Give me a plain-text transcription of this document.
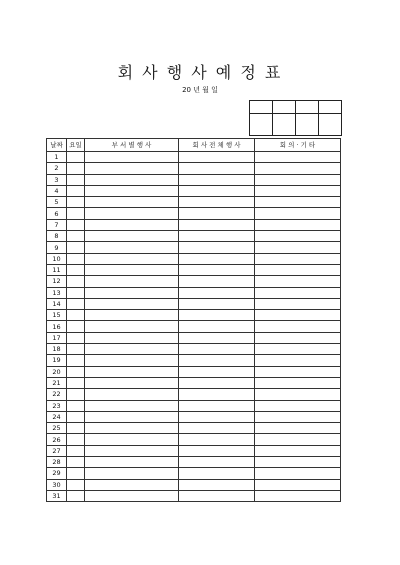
회 사 행 사 예 정 표
20 년 월 일

날짜	요일	부 서 별 행 사	회 사 전 체 행 사	회 의 · 기 타
1				
2				
3				
4				
5				
6				
7				
8				
9				
10				
11				
12				
13				
14				
15				
16				
17				
18				
19				
20				
21				
22				
23				
24				
25				
26				
27				
28				
29				
30				
31				
